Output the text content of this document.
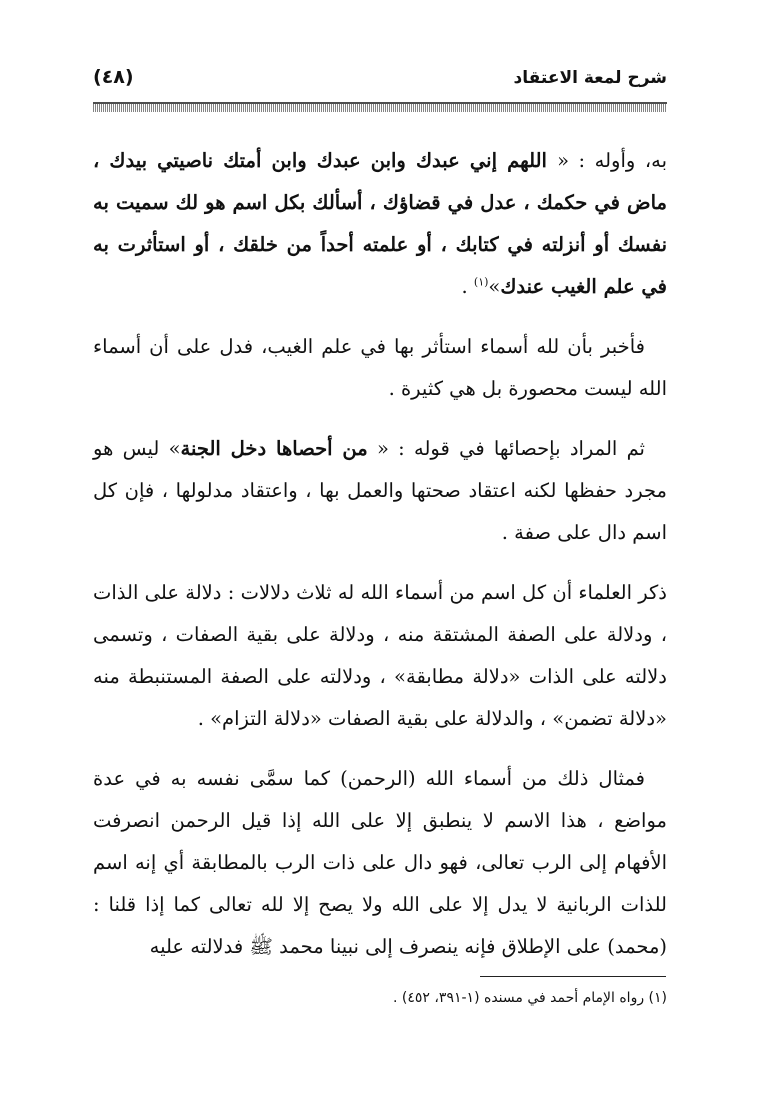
شرح لمعة الاعتقاد
(٤٨)

به، وأوله : « اللهم إني عبدك وابن عبدك وابن أمتك ناصيتي بيدك ، ماض في حكمك ، عدل في قضاؤك ، أسألك بكل اسم هو لك سميت به نفسك أو أنزلته في كتابك ، أو علمته أحداً من خلقك ، أو استأثرت به في علم الغيب عندك»$^{(١)}$ .

فأخبر بأن لله أسماء استأثر بها في علم الغيب، فدل على أن أسماء الله ليست محصورة بل هي كثيرة .

ثم المراد بإحصائها في قوله : « من أحصاها دخل الجنة» ليس هو مجرد حفظها لكنه اعتقاد صحتها والعمل بها ، واعتقاد مدلولها ، فإن كل اسم دال على صفة .

ذكر العلماء أن كل اسم من أسماء الله له ثلاث دلالات : دلالة على الذات ، ودلالة على الصفة المشتقة منه ، ودلالة على بقية الصفات ، وتسمى دلالته على الذات «دلالة مطابقة» ، ودلالته على الصفة المستنبطة منه «دلالة تضمن» ، والدلالة على بقية الصفات «دلالة التزام» .

فمثال ذلك من أسماء الله (الرحمن) كما سمَّى نفسه به في عدة مواضع ، هذا الاسم لا ينطبق إلا على الله إذا قيل الرحمن انصرفت الأفهام إلى الرب تعالى، فهو دال على ذات الرب بالمطابقة أي إنه اسم للذات الربانية لا يدل إلا على الله ولا يصح إلا لله تعالى كما إذا قلنا : (محمد) على الإطلاق فإنه ينصرف إلى نبينا محمد ﷺ فدلالته عليه

(١) رواه الإمام أحمد في مسنده (١-٣٩١، ٤٥٢) .
